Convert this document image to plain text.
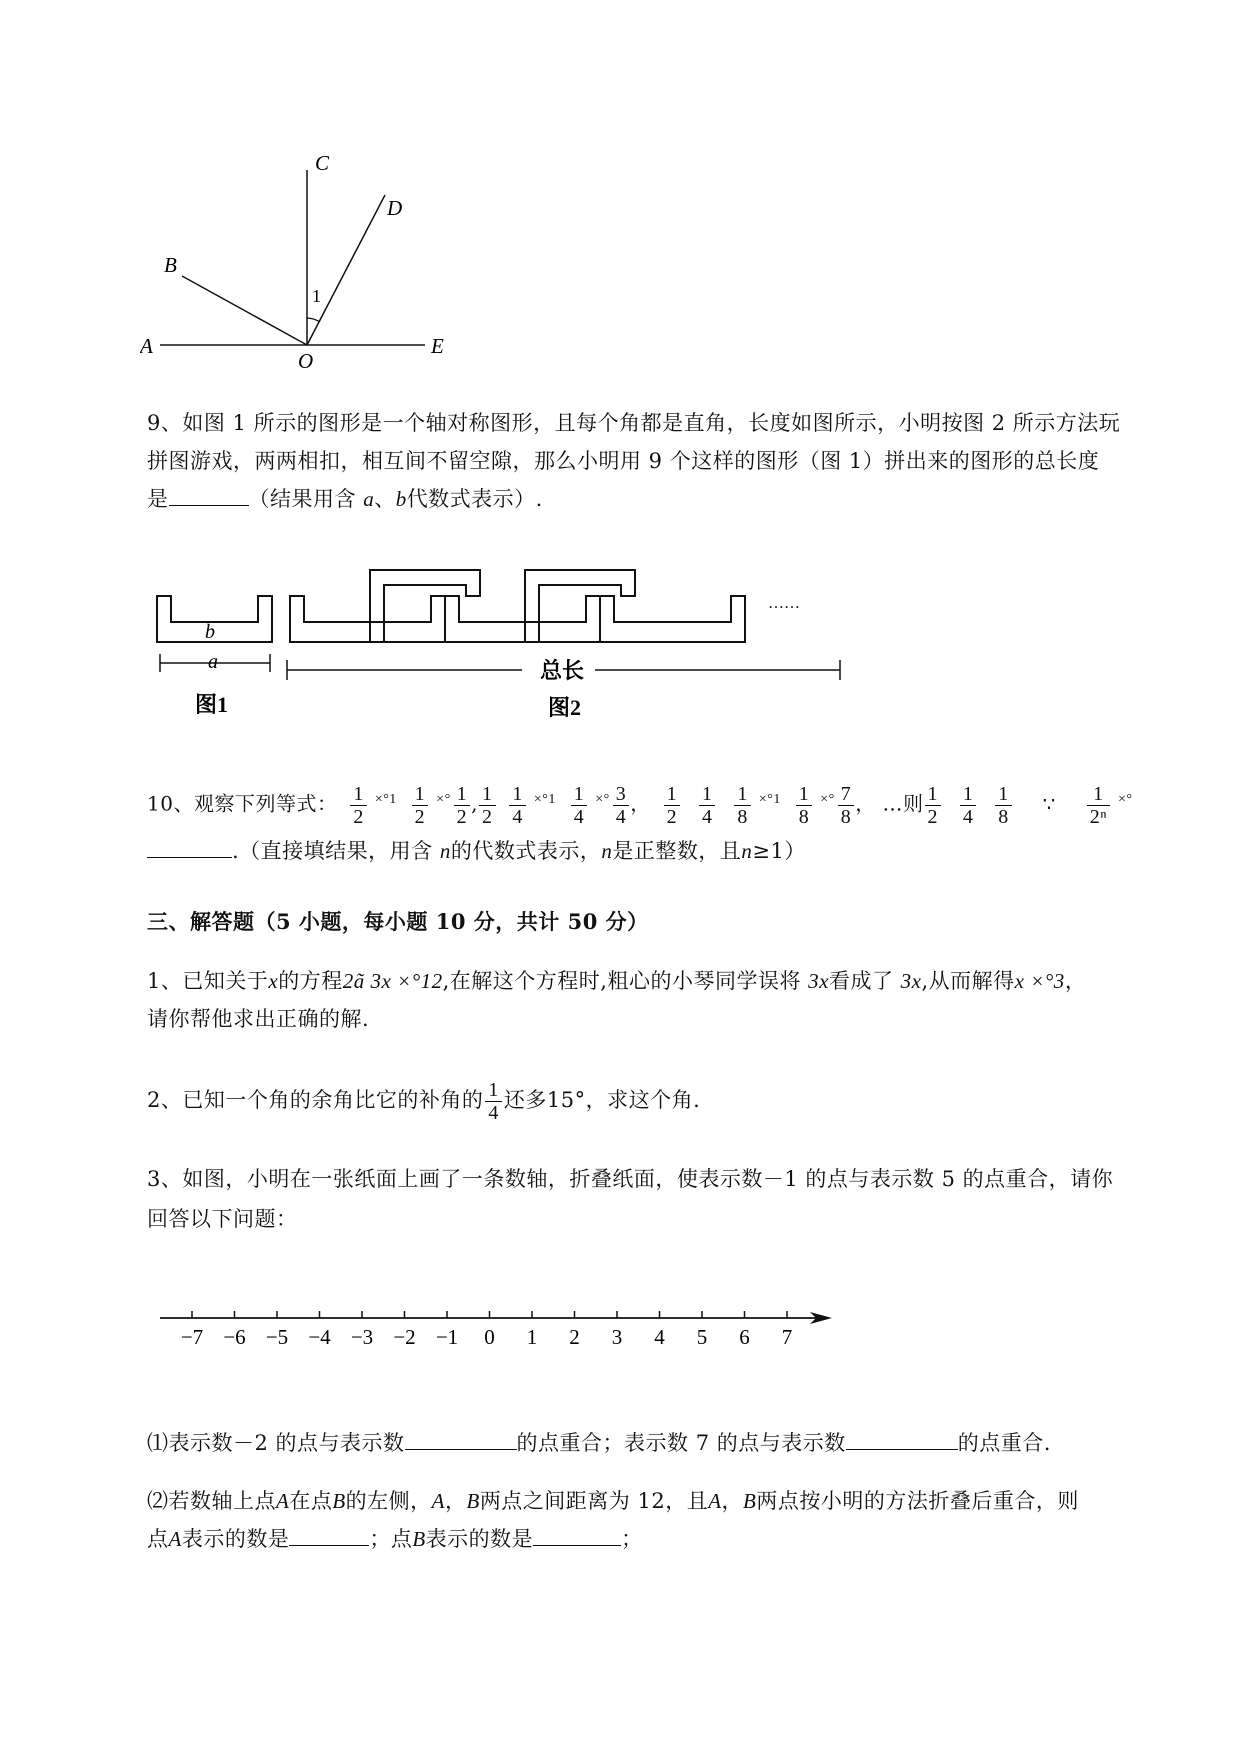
C
D
B
A
O
E
1
9、如图 1 所示的图形是一个轴对称图形，且每个角都是直角，长度如图所示，小明按图 2 所示方法玩
拼图游戏，两两相扣，相互间不留空隙，那么小明用 9 个这样的图形（图 1）拼出来的图形的总长度
是	（结果用含 a、b代数式表示）.
b
a
图1
……
总长
图2
10、观察下列等式： $\frac{1}{2} ^{\times^\circ 1} \frac{1}{2} ^{\times^\circ} \frac{1}{2}$ , $\frac{1}{2}$
$\frac{1}{4} ^{\times^\circ 1} \frac{1}{4} ^{\times^\circ} \frac{3}{4}$ ， $\frac{1}{2}$
$\frac{1}{4}$
$\frac{1}{8} ^{\times^\circ 1} \frac{1}{8} ^{\times^\circ} \frac{7}{8}$ ， …则 $\frac{1}{2}$
$\frac{1}{4}$
$\frac{1}{8}$ ∵ $\frac{1}{\text{2ⁿ}} ^{\times^\circ}$
.（直接填结果，用含 n的代数式表示，n是正整数，且n≥1）
三、解答题（5 小题，每小题 10 分，共计 50 分）
1、已知关于x的方程2ã 3x ×°12,在解这个方程时,粗心的小琴同学误将 3x看成了 3x,从而解得x ×°3，
请你帮他求出正确的解.
2、已知一个角的余角比它的补角的 $\frac{1}{4}$ 还多15°，求这个角.
3、如图，小明在一张纸面上画了一条数轴，折叠纸面，使表示数－1 的点与表示数 5 的点重合，请你
回答以下问题：
−7 −6 −5 −4 −3 −2 −1 0 1 2 3 4 5 6 7
⑴表示数－2 的点与表示数	的点重合；表示数 7 的点与表示数	的点重合.
⑵若数轴上点A在点B的左侧，A，B两点之间距离为 12，且A，B两点按小明的方法折叠后重合，则
点A表示的数是	；点B表示的数是	；
